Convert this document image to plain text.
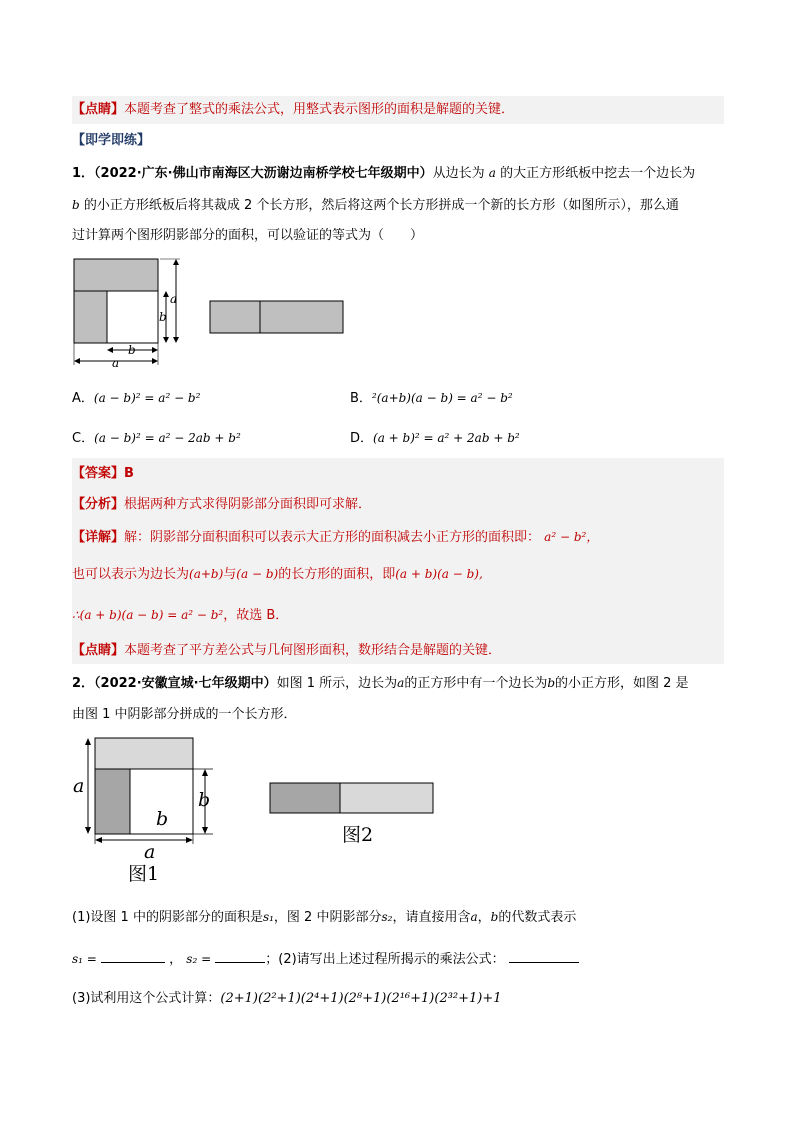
【点睛】本题考查了整式的乘法公式，用整式表示图形的面积是解题的关键．
【即学即练】
1．（2022·广东·佛山市南海区大沥谢边南桥学校七年级期中）从边长为 a 的大正方形纸板中挖去一个边长为
b 的小正方形纸板后将其裁成 2 个长方形，然后将这两个长方形拼成一个新的长方形（如图所示），那么通
过计算两个图形阴影部分的面积，可以验证的等式为（　　）
a
b
b
a
A．(a − b)² = a² − b²	B．²(a+b)(a − b) = a² − b²
C．(a − b)² = a² − 2ab + b²	D．(a + b)² = a² + 2ab + b²
【答案】B
【分析】根据两种方式求得阴影部分面积即可求解．
【详解】解：阴影部分面积面积可以表示大正方形的面积减去小正方形的面积即： a² − b²，
也可以表示为边长为(a+b)与(a − b)的长方形的面积，即(a + b)(a − b),
∴(a + b)(a − b) = a² − b²，故选 B．
【点睛】本题考查了平方差公式与几何图形面积，数形结合是解题的关键．
2．（2022·安徽宣城·七年级期中）如图 1 所示，边长为a的正方形中有一个边长为b的小正方形，如图 2 是
由图 1 中阴影部分拼成的一个长方形．
a
b
b
a
图1
图2
(1)设图 1 中的阴影部分的面积是s₁，图 2 中阴影部分s₂，请直接用含a，b的代数式表示
s₁ =	， s₂ =	；(2)请写出上述过程所揭示的乘法公式：
(3)试利用这个公式计算：(2+1)(2²+1)(2⁴+1)(2⁸+1)(2¹⁶+1)(2³²+1)+1
